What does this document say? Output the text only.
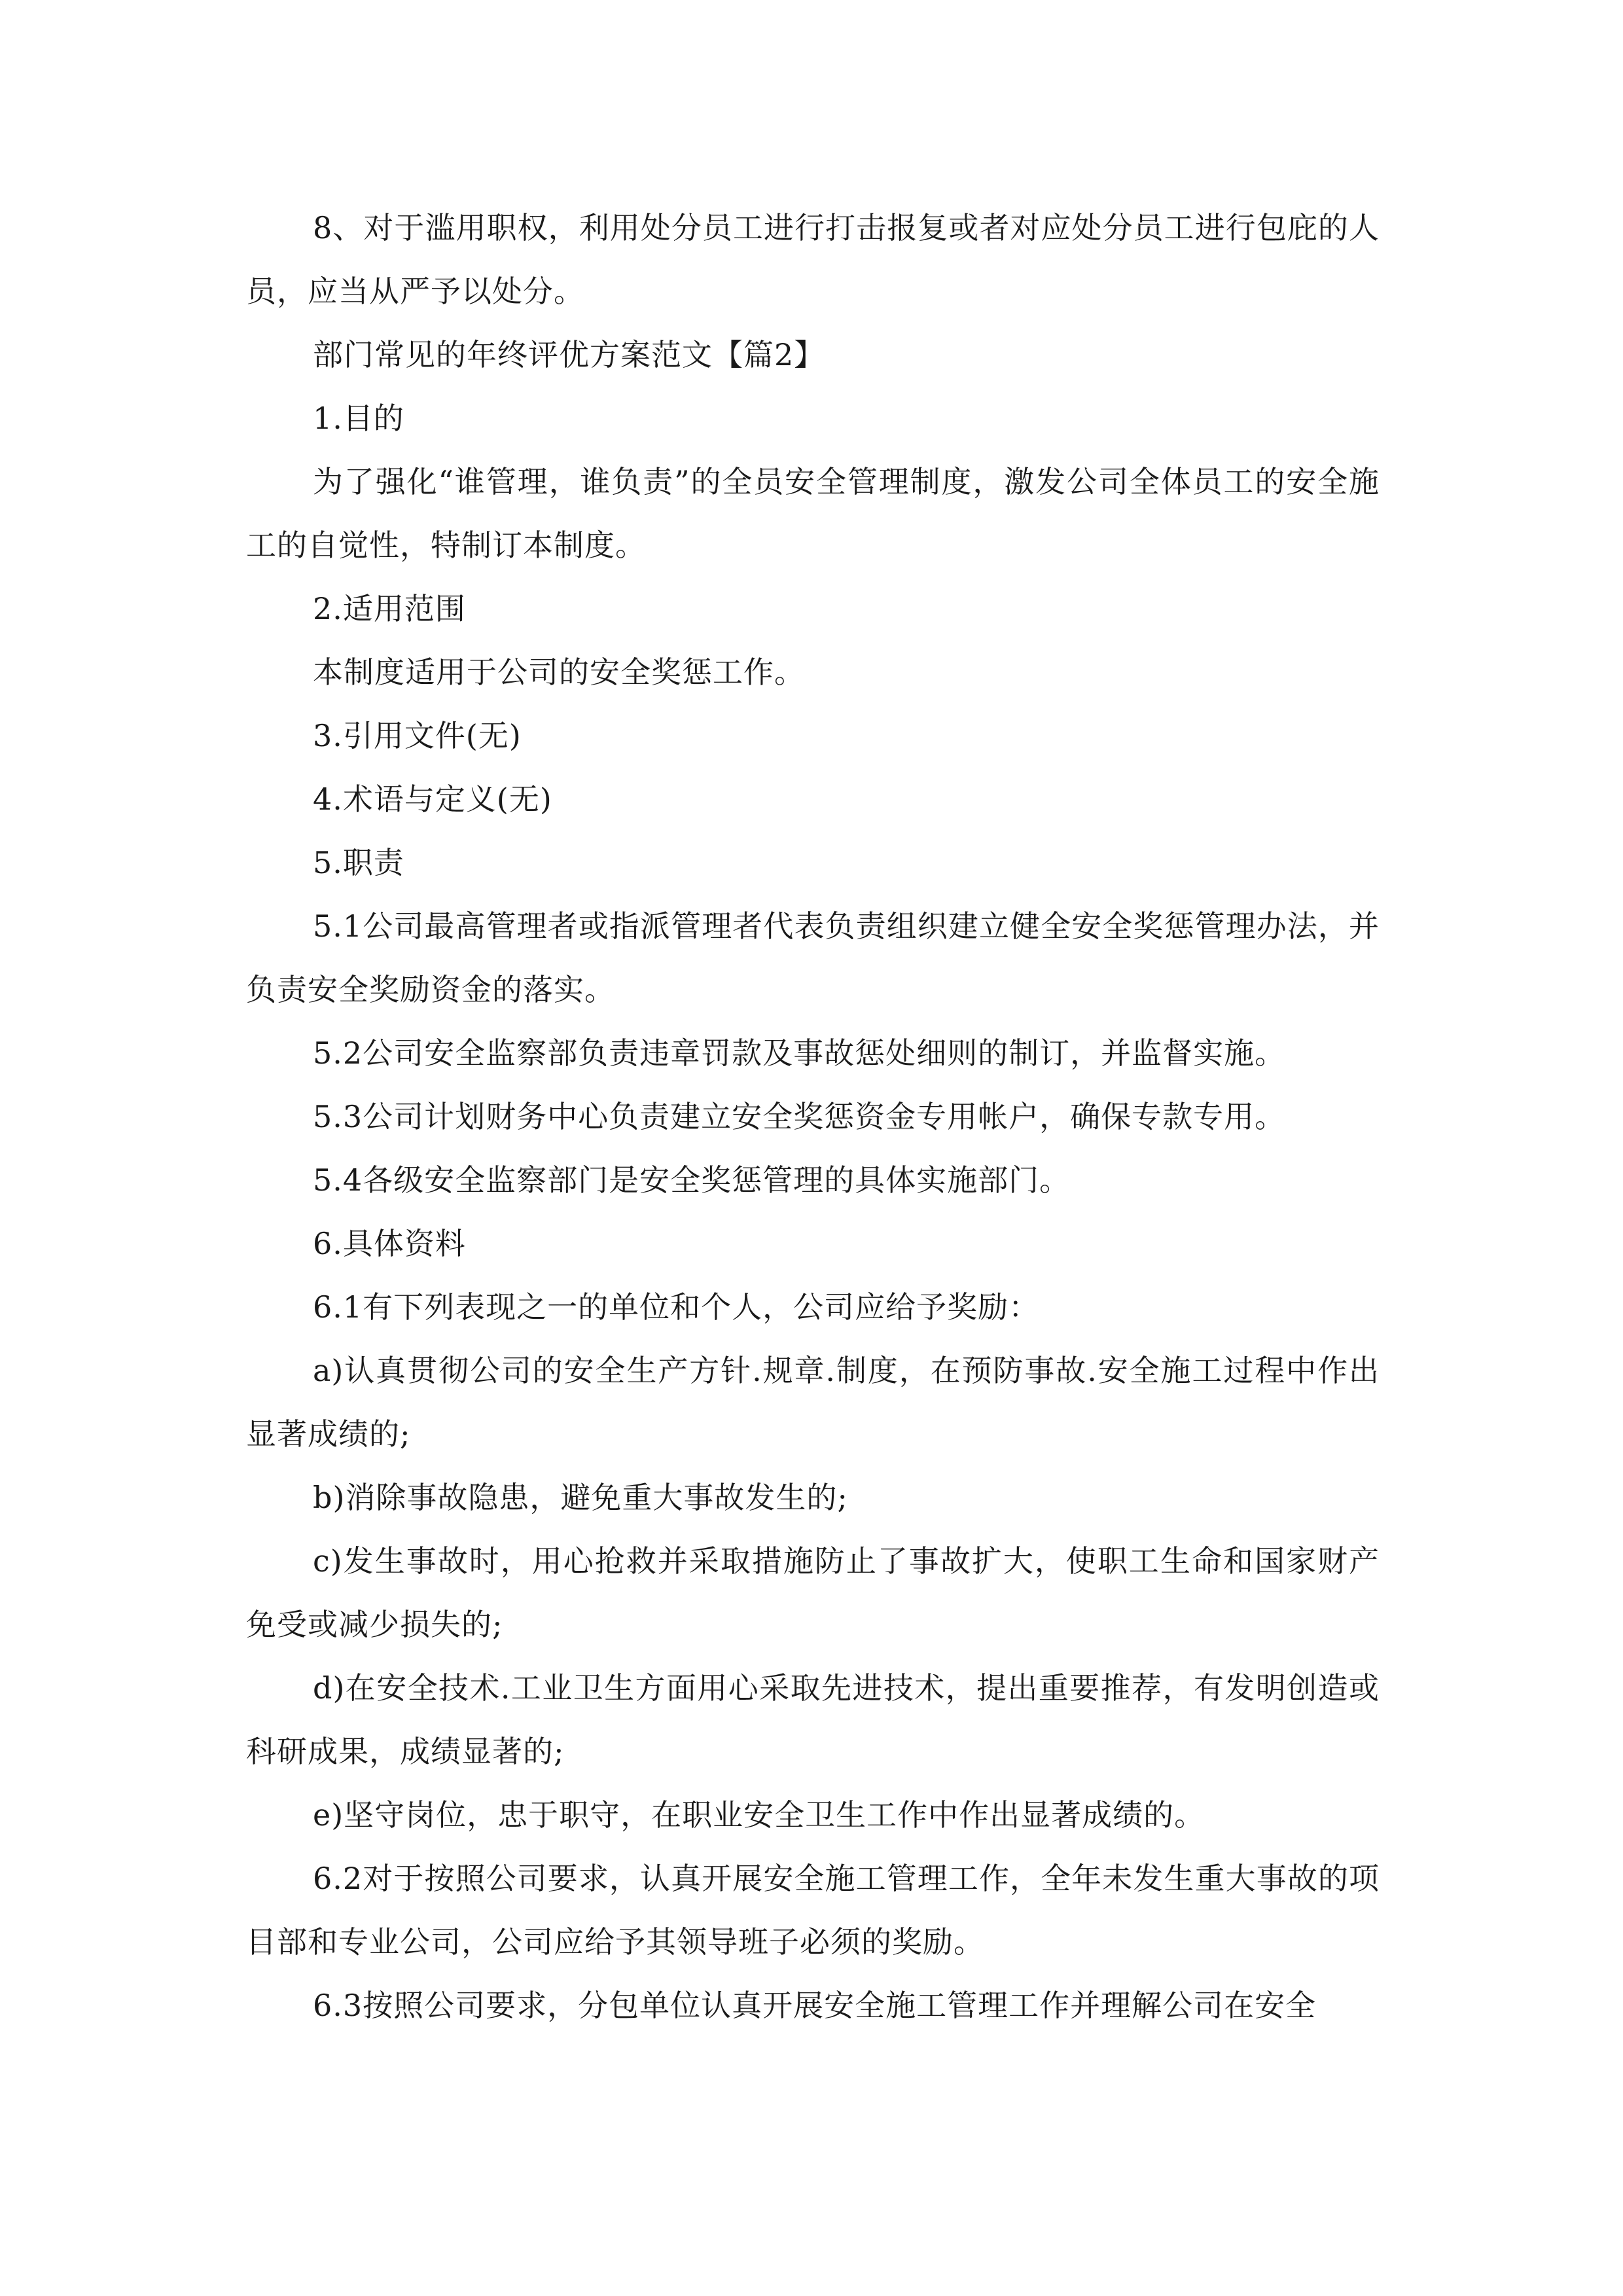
8、对于滥用职权，利用处分员工进行打击报复或者对应处分员工进行包庇的人员，应当从严予以处分。

部门常见的年终评优方案范文【篇2】

1.目的

为了强化“谁管理，谁负责”的全员安全管理制度，激发公司全体员工的安全施工的自觉性，特制订本制度。

2.适用范围

本制度适用于公司的安全奖惩工作。

3.引用文件(无)

4.术语与定义(无)

5.职责

5.1公司最高管理者或指派管理者代表负责组织建立健全安全奖惩管理办法，并负责安全奖励资金的落实。

5.2公司安全监察部负责违章罚款及事故惩处细则的制订，并监督实施。

5.3公司计划财务中心负责建立安全奖惩资金专用帐户，确保专款专用。

5.4各级安全监察部门是安全奖惩管理的具体实施部门。

6.具体资料

6.1有下列表现之一的单位和个人，公司应给予奖励：

a)认真贯彻公司的安全生产方针.规章.制度，在预防事故.安全施工过程中作出显著成绩的;

b)消除事故隐患，避免重大事故发生的;

c)发生事故时，用心抢救并采取措施防止了事故扩大，使职工生命和国家财产免受或减少损失的;

d)在安全技术.工业卫生方面用心采取先进技术，提出重要推荐，有发明创造或科研成果，成绩显著的;

e)坚守岗位，忠于职守，在职业安全卫生工作中作出显著成绩的。

6.2对于按照公司要求，认真开展安全施工管理工作，全年未发生重大事故的项目部和专业公司，公司应给予其领导班子必须的奖励。

6.3按照公司要求，分包单位认真开展安全施工管理工作并理解公司在安全
